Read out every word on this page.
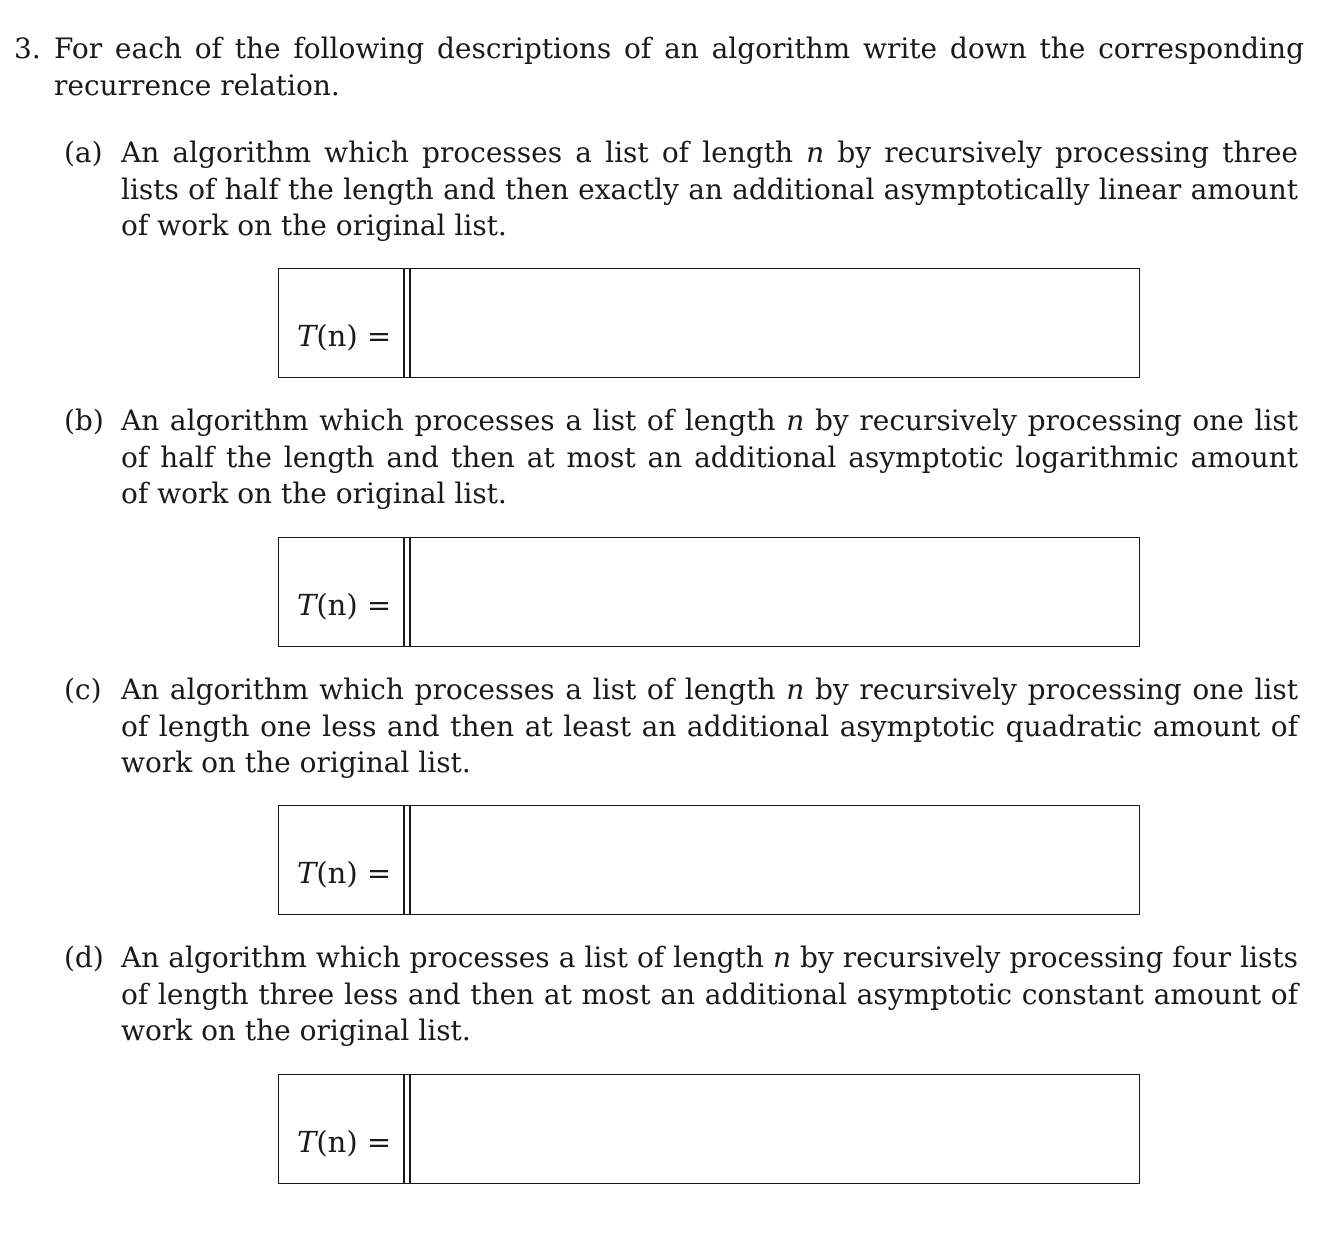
3. For each of the following descriptions of an algorithm write down the corresponding recurrence relation.
(a) An algorithm which processes a list of length n by recursively processing three lists of half the length and then exactly an additional asymptotically linear amount of work on the original list.
T(n) =
(b) An algorithm which processes a list of length n by recursively processing one list of half the length and then at most an additional asymptotic logarithmic amount of work on the original list.
T(n) =
(c) An algorithm which processes a list of length n by recursively processing one list of length one less and then at least an additional asymptotic quadratic amount of work on the original list.
T(n) =
(d) An algorithm which processes a list of length n by recursively processing four lists of length three less and then at most an additional asymptotic constant amount of work on the original list.
T(n) =
